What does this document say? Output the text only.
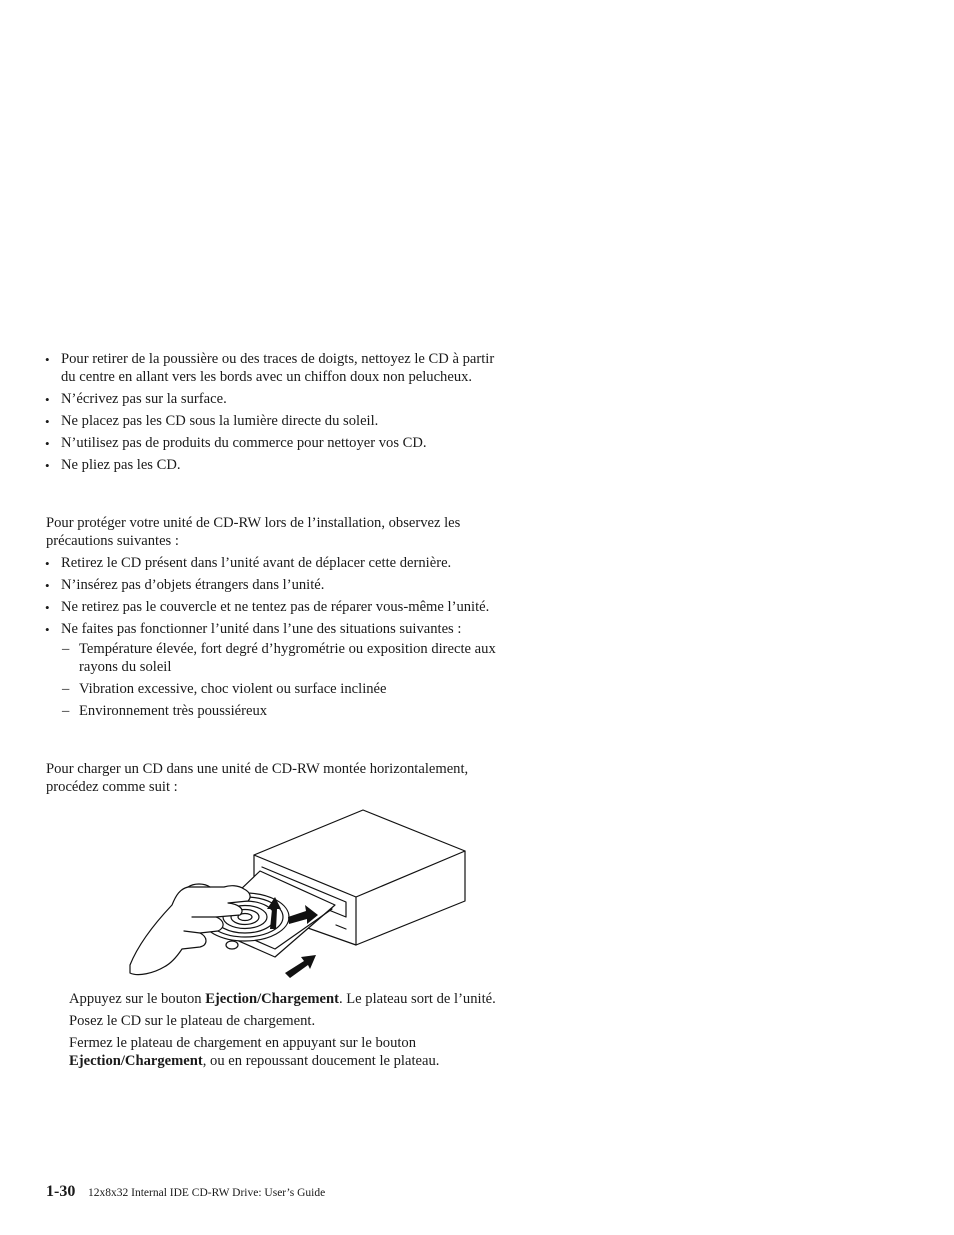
• Pour retirer de la poussière ou des traces de doigts, nettoyez le CD à partir
du centre en allant vers les bords avec un chiffon doux non pelucheux.
• N’écrivez pas sur la surface.
• Ne placez pas les CD sous la lumière directe du soleil.
• N’utilisez pas de produits du commerce pour nettoyer vos CD.
• Ne pliez pas les CD.
Pour protéger votre unité de CD-RW lors de l’installation, observez les
précautions suivantes :
• Retirez le CD présent dans l’unité avant de déplacer cette dernière.
• N’insérez pas d’objets étrangers dans l’unité.
• Ne retirez pas le couvercle et ne tentez pas de réparer vous-même l’unité.
• Ne faites pas fonctionner l’unité dans l’une des situations suivantes :
– Température élevée, fort degré d’hygrométrie ou exposition directe aux
rayons du soleil
– Vibration excessive, choc violent ou surface inclinée
– Environnement très poussiéreux
Pour charger un CD dans une unité de CD-RW montée horizontalement,
procédez comme suit :
Appuyez sur le bouton Ejection/Chargement. Le plateau sort de l’unité.
Posez le CD sur le plateau de chargement.
Fermez le plateau de chargement en appuyant sur le bouton
Ejection/Chargement, ou en repoussant doucement le plateau.
1-30 12x8x32 Internal IDE CD-RW Drive: User’s Guide
